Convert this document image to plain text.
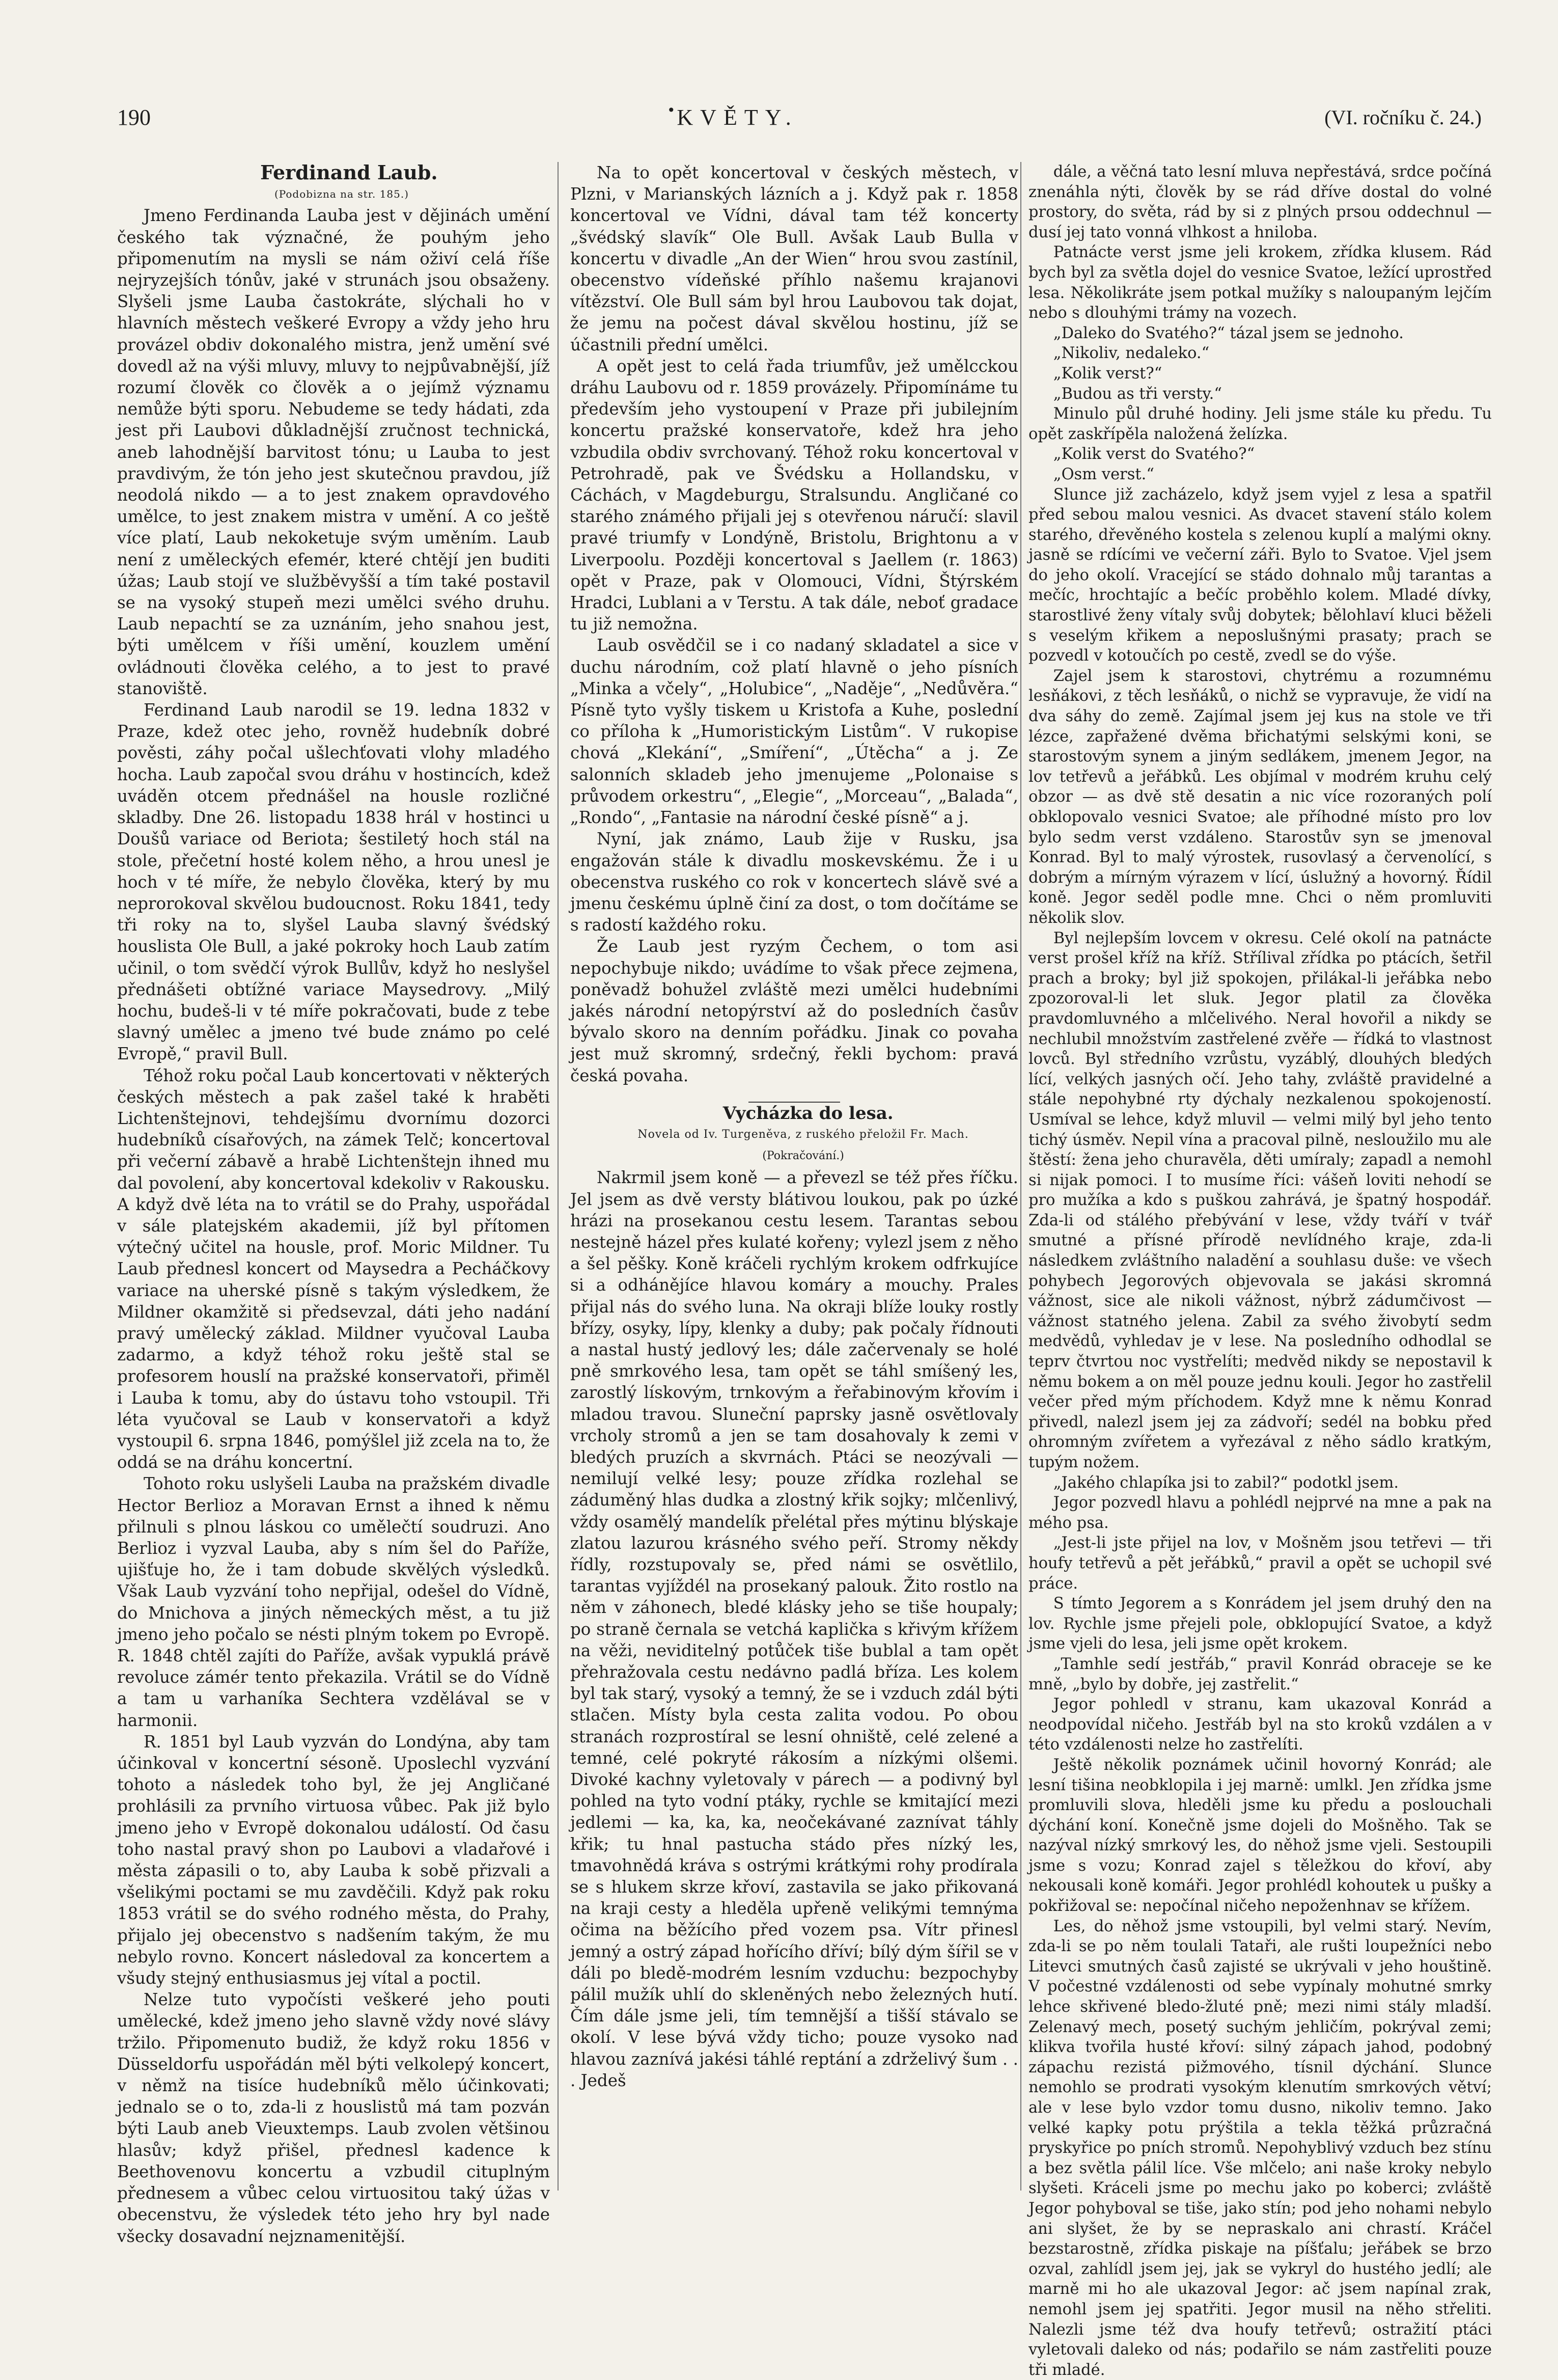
190	KVĚTY.	(VI. ročníku č. 24.)
•

Ferdinand Laub.

(Podobizna na str. 185.)

Jmeno Ferdinanda Lauba jest v dějinách umění českého tak význačné, že pouhým jeho připomenutím na mysli se nám oživí celá říše nejryzejších tónův, jaké v strunách jsou obsaženy. Slyšeli jsme Lauba častokráte, slýchali ho v hlavních městech veškeré Evropy a vždy jeho hru provázel obdiv dokonalého mistra, jenž umění své dovedl až na výši mluvy, mluvy to nejpůvabnější, jíž rozumí člověk co člověk a o jejímž významu nemůže býti sporu. Nebudeme se tedy hádati, zda jest při Laubovi důkladnější zručnost technická, aneb lahodnější barvitost tónu; u Lauba to jest pravdivým, že tón jeho jest skutečnou pravdou, jíž neodolá nikdo — a to jest znakem opravdového umělce, to jest znakem mistra v umění. A co ještě více platí, Laub nekoketuje svým uměním. Laub není z uměleckých efemér, které chtějí jen buditi úžas; Laub stojí ve služběvyšší a tím také postavil se na vysoký stupeň mezi umělci svého druhu. Laub nepachtí se za uznáním, jeho snahou jest, býti umělcem v říši umění, kouzlem umění ovládnouti člověka celého, a to jest to pravé stanoviště.

Ferdinand Laub narodil se 19. ledna 1832 v Praze, kdež otec jeho, rovněž hudebník dobré pověsti, záhy počal ušlechťovati vlohy mladého hocha. Laub započal svou dráhu v hostincích, kdež uváděn otcem přednášel na housle rozličné skladby. Dne 26. listopadu 1838 hrál v hostinci u Doušů variace od Beriota; šestiletý hoch stál na stole, přečetní hosté kolem něho, a hrou unesl je hoch v té míře, že nebylo člověka, který by mu neprorokoval skvělou budoucnost. Roku 1841, tedy tři roky na to, slyšel Lauba slavný švédský houslista Ole Bull, a jaké pokroky hoch Laub zatím učinil, o tom svědčí výrok Bullův, když ho neslyšel přednášeti obtížné variace Maysedrovy. „Milý hochu, budeš-li v té míře pokračovati, bude z tebe slavný umělec a jmeno tvé bude známo po celé Evropě,“ pravil Bull.

Téhož roku počal Laub koncertovati v některých českých městech a pak zašel také k hraběti Lichtenštejnovi, tehdejšímu dvornímu dozorci hudebníků císařových, na zámek Telč; koncertoval při večerní zábavě a hrabě Lichtenštejn ihned mu dal povolení, aby koncertoval kdekoliv v Rakousku. A když dvě léta na to vrátil se do Prahy, uspořádal v sále platejském akademii, jíž byl přítomen výtečný učitel na housle, prof. Moric Mildner. Tu Laub přednesl koncert od Maysedra a Pecháčkovy variace na uherské písně s takým výsledkem, že Mildner okamžitě si předsevzal, dáti jeho nadání pravý umělecký základ. Mildner vyučoval Lauba zadarmo, a když téhož roku ještě stal se profesorem houslí na pražské konservatoři, přiměl i Lauba k tomu, aby do ústavu toho vstoupil. Tři léta vyučoval se Laub v konservatoři a když vystoupil 6. srpna 1846, pomýšlel již zcela na to, že oddá se na dráhu koncertní.

Tohoto roku uslyšeli Lauba na pražském divadle Hector Berlioz a Moravan Ernst a ihned k němu přilnuli s plnou láskou co umělečtí soudruzi. Ano Berlioz i vyzval Lauba, aby s ním šel do Paříže, ujišťuje ho, že i tam dobude skvělých výsledků. Však Laub vyzvání toho nepřijal, odešel do Vídně, do Mnichova a jiných německých měst, a tu již jmeno jeho počalo se nésti plným tokem po Evropě. R. 1848 chtěl zajíti do Paříže, avšak vypuklá právě revoluce zámér tento překazila. Vrátil se do Vídně a tam u varhaníka Sechtera vzdělával se v harmonii.

R. 1851 byl Laub vyzván do Londýna, aby tam účinkoval v koncertní sésoně. Uposlechl vyzvání tohoto a následek toho byl, že jej Angličané prohlásili za prvního virtuosa vůbec. Pak již bylo jmeno jeho v Evropě dokonalou událostí. Od času toho nastal pravý shon po Laubovi a vladařové i města zápasili o to, aby Lauba k sobě přizvali a všelikými poctami se mu zavděčili. Když pak roku 1853 vrátil se do svého rodného města, do Prahy, přijalo jej obecenstvo s nadšením takým, že mu nebylo rovno. Koncert následoval za koncertem a všudy stejný enthusiasmus jej vítal a poctil.

Nelze tuto vypočísti veškeré jeho pouti umělecké, kdež jmeno jeho slavně vždy nové slávy tržilo. Připomenuto budiž, že když roku 1856 v Düsseldorfu uspořádán měl býti velkolepý koncert, v němž na tisíce hudebníků mělo účinkovati; jednalo se o to, zda-li z houslistů má tam pozván býti Laub aneb Vieuxtemps. Laub zvolen většinou hlasův; když přišel, přednesl kadence k Beethovenovu koncertu a vzbudil cituplným přednesem a vůbec celou virtuositou taký úžas v obecenstvu, že výsledek této jeho hry byl nade všecky dosavadní nejznamenitější.

Na to opět koncertoval v českých městech, v Plzni, v Marianských lázních a j. Když pak r. 1858 koncertoval ve Vídni, dával tam též koncerty „švédský slavík“ Ole Bull. Avšak Laub Bulla v koncertu v divadle „An der Wien“ hrou svou zastínil, obecenstvo vídeňské příhlo našemu krajanovi vítězství. Ole Bull sám byl hrou Laubovou tak dojat, že jemu na počest dával skvělou hostinu, jíž se účastnili přední umělci.

A opět jest to celá řada triumfův, jež umělcckou dráhu Laubovu od r. 1859 provázely. Připomínáme tu především jeho vystoupení v Praze při jubilejním koncertu pražské konservatoře, kdež hra jeho vzbudila obdiv svrchovaný. Téhož roku koncertoval v Petrohradě, pak ve Švédsku a Hollandsku, v Cáchách, v Magdeburgu, Stralsundu. Angličané co starého známého přijali jej s otevřenou náručí: slavil pravé triumfy v Londýně, Bristolu, Brightonu a v Liverpoolu. Později koncertoval s Jaellem (r. 1863) opět v Praze, pak v Olomouci, Vídni, Štýrském Hradci, Lublani a v Terstu. A tak dále, neboť gradace tu již nemožna.

Laub osvědčil se i co nadaný skladatel a sice v duchu národním, což platí hlavně o jeho písních „Minka a včely“, „Holubice“, „Naděje“, „Nedůvěra.“ Písně tyto vyšly tiskem u Kristofa a Kuhe, poslední co příloha k „Humoristickým Listům“. V rukopise chová „Klekání“, „Smíření“, „Útěcha“ a j. Ze salonních skladeb jeho jmenujeme „Polonaise s průvodem orkestru“, „Elegie“, „Morceau“, „Balada“, „Rondo“, „Fantasie na národní české písně“ a j.

Nyní, jak známo, Laub žije v Rusku, jsa engažován stále k divadlu moskevskému. Že i u obecenstva ruského co rok v koncertech slávě své a jmenu českému úplně činí za dost, o tom dočítáme se s radostí každého roku.

Že Laub jest ryzým Čechem, o tom asi nepochybuje nikdo; uvádíme to však přece zejmena, poněvadž bohužel zvláště mezi umělci hudebními jakés národní netopýrství až do posledních časův bývalo skoro na denním pořádku. Jinak co povaha jest muž skromný, srdečný, řekli bychom: pravá česká povaha.

Vycházka do lesa.

Novela od Iv. Turgeněva, z ruského přeložil Fr. Mach.

(Pokračování.)

Nakrmil jsem koně — a převezl se též přes říčku. Jel jsem as dvě versty blátivou loukou, pak po úzké hrázi na prosekanou cestu lesem. Tarantas sebou nestejně házel přes kulaté kořeny; vylezl jsem z něho a šel pěšky. Koně kráčeli rychlým krokem odfrkujíce si a odhánějíce hlavou komáry a mouchy. Prales přijal nás do svého luna. Na okraji blíže louky rostly břízy, osyky, lípy, klenky a duby; pak počaly řídnouti a nastal hustý jedlový les; dále začervenaly se holé pně smrkového lesa, tam opět se táhl smíšený les, zarostlý lískovým, trnkovým a řeřabinovým křovím i mladou travou. Sluneční paprsky jasně osvětlovaly vrcholy stromů a jen se tam dosahovaly k zemi v bledých pruzích a skvrnách. Ptáci se neozývali — nemilují velké lesy; pouze zřídka rozlehal se záduměný hlas dudka a zlostný křik sojky; mlčenlivý, vždy osamělý mandelík přelétal přes mýtinu blýskaje zlatou lazurou krásného svého peří. Stromy někdy řídly, rozstupovaly se, před námi se osvětlilo, tarantas vyjíždél na prosekaný palouk. Žito rostlo na něm v záhonech, bledé klásky jeho se tiše houpaly; po straně černala se vetchá kaplička s křivým křížem na věži, neviditelný potůček tiše bublal a tam opět přehražovala cestu nedávno padlá bříza. Les kolem byl tak starý, vysoký a temný, že se i vzduch zdál býti stlačen. Místy byla cesta zalita vodou. Po obou stranách rozprostíral se lesní ohniště, celé zelené a temné, celé pokryté rákosím a nízkými olšemi. Divoké kachny vyletovaly v párech — a podivný byl pohled na tyto vodní ptáky, rychle se kmitající mezi jedlemi — ka, ka, ka, neočekávané zaznívat táhly křik; tu hnal pastucha stádo přes nízký les, tmavohnědá kráva s ostrými krátkými rohy prodírala se s hlukem skrze křoví, zastavila se jako přikovaná na kraji cesty a hleděla upřeně velikými temnýma očima na běžícího před vozem psa. Vítr přinesl jemný a ostrý západ hořícího dříví; bílý dým šířil se v dáli po bledě-modrém lesním vzduchu: bezpochyby pálil mužík uhlí do skleněných nebo železných hutí. Čím dále jsme jeli, tím temnější a tišší stávalo se okolí. V lese bývá vždy ticho; pouze vysoko nad hlavou zaznívá jakési táhlé reptání a zdrželivý šum . . . Jedeš

dále, a věčná tato lesní mluva nepřestává, srdce počíná znenáhla nýti, člověk by se rád dříve dostal do volné prostory, do světa, rád by si z plných prsou oddechnul — dusí jej tato vonná vlhkost a hniloba.

Patnácte verst jsme jeli krokem, zřídka klusem. Rád bych byl za světla dojel do vesnice Svatoe, ležící uprostřed lesa. Několikráte jsem potkal mužíky s naloupaným lejčím nebo s dlouhými trámy na vozech.

„Daleko do Svatého?“ tázal jsem se jednoho.

„Nikoliv, nedaleko.“

„Kolik verst?“

„Budou as tři versty.“

Minulo půl druhé hodiny. Jeli jsme stále ku předu. Tu opět zaskřípěla naložená želízka.

„Kolik verst do Svatého?“

„Osm verst.“

Slunce již zacházelo, když jsem vyjel z lesa a spatřil před sebou malou vesnici. As dvacet stavení stálo kolem starého, dřevěného kostela s zelenou kuplí a malými okny. jasně se rdícími ve večerní záři. Bylo to Svatoe. Vjel jsem do jeho okolí. Vracející se stádo dohnalo můj tarantas a mečíc, hrochtajíc a bečíc proběhlo kolem. Mladé dívky, starostlivé ženy vítaly svůj dobytek; bělohlaví kluci běželi s veselým křikem a neposlušnými prasaty; prach se pozvedl v kotoučích po cestě, zvedl se do výše.

Zajel jsem k starostovi, chytrému a rozumnému lesňákovi, z těch lesňáků, o nichž se vypravuje, že vidí na dva sáhy do země. Zajímal jsem jej kus na stole ve tři lézce, zapřažené dvěma břichatými selskými koni, se starostovým synem a jiným sedlákem, jmenem Jegor, na lov tetřevů a jeřábků. Les objímal v modrém kruhu celý obzor — as dvě stě desatin a nic více rozoraných polí obklopovalo vesnici Svatoe; ale příhodné místo pro lov bylo sedm verst vzdáleno. Starostův syn se jmenoval Konrad. Byl to malý výrostek, rusovlasý a červenolící, s dobrým a mírným výrazem v lící, úslužný a hovorný. Řídil koně. Jegor seděl podle mne. Chci o něm promluviti několik slov.

Byl nejlepším lovcem v okresu. Celé okolí na patnácte verst prošel kříž na kříž. Střílival zřídka po ptácích, šetřil prach a broky; byl již spokojen, přilákal-li jeřábka nebo zpozoroval-li let sluk. Jegor platil za člověka pravdomluvného a mlčelivého. Neral hovořil a nikdy se nechlubil množstvím zastřelené zvěře — řídká to vlastnost lovců. Byl středního vzrůstu, vyzáblý, dlouhých bledých lící, velkých jasných očí. Jeho tahy, zvláště pravidelné a stále nepohybné rty dýchaly nezkalenou spokojeností. Usmíval se lehce, když mluvil — velmi milý byl jeho tento tichý úsměv. Nepil vína a pracoval pilně, nesloužilo mu ale štěstí: žena jeho churavěla, děti umíraly; zapadl a nemohl si nijak pomoci. I to musíme říci: vášeň loviti nehodí se pro mužíka a kdo s puškou zahrává, je špatný hospodář. Zda-li od stálého přebývání v lese, vždy tváří v tvář smutné a přísné přírodě nevlídného kraje, zda-li následkem zvláštního naladění a souhlasu duše: ve všech pohybech Jegorových objevovala se jakási skromná vážnost, sice ale nikoli vážnost, nýbrž zádumčivost — vážnost statného jelena. Zabil za svého živobytí sedm medvědů, vyhledav je v lese. Na posledního odhodlal se teprv čtvrtou noc vystřelíti; medvěd nikdy se nepostavil k němu bokem a on měl pouze jednu kouli. Jegor ho zastřelil večer před mým příchodem. Když mne k němu Konrad přivedl, nalezl jsem jej za zádvoří; sedél na bobku před ohromným zvířetem a vyřezával z něho sádlo kratkým, tupým nožem.

„Jakého chlapíka jsi to zabil?“ podotkl jsem.

Jegor pozvedl hlavu a pohlédl nejprvé na mne a pak na mého psa.

„Jest-li jste přijel na lov, v Mošněm jsou tetřevi — tři houfy tetřevů a pět jeřábků,“ pravil a opět se uchopil své práce.

S tímto Jegorem a s Konrádem jel jsem druhý den na lov. Rychle jsme přejeli pole, obklopující Svatoe, a když jsme vjeli do lesa, jeli jsme opět krokem.

„Tamhle sedí jestřáb,“ pravil Konrád obraceje se ke mně, „bylo by dobře, jej zastřelit.“

Jegor pohledl v stranu, kam ukazoval Konrád a neodpovídal ničeho. Jestřáb byl na sto kroků vzdálen a v této vzdálenosti nelze ho zastřelíti.

Ještě několik poznámek učinil hovorný Konrád; ale lesní tišina neobklopila i jej marně: umlkl. Jen zřídka jsme promluvili slova, hleděli jsme ku předu a poslouchali dýchání koní. Konečně jsme dojeli do Mošněho. Tak se nazýval nízký smrkový les, do něhož jsme vjeli. Sestoupili jsme s vozu; Konrad zajel s těležkou do křoví, aby nekousali koně komáři. Jegor prohlédl kohoutek u pušky a pokřižoval se: nepočínal ničeho nepoženhnav se křížem.

Les, do něhož jsme vstoupili, byl velmi starý. Nevím, zda-li se po něm toulali Tataři, ale rušti loupežníci nebo Litevci smutných časů zajisté se ukrývali v jeho houštině. V počestné vzdálenosti od sebe vypínaly mohutné smrky lehce skřivené bledo-žluté pně; mezi nimi stály mladší. Zelenavý mech, posetý suchým jehličím, pokrýval zemi; klikva tvořila husté křoví: silný zápach jahod, podobný zápachu rezistá pižmového, tísnil dýchání. Slunce nemohlo se prodrati vysokým klenutím smrkových větví; ale v lese bylo vzdor tomu dusno, nikoliv temno. Jako velké kapky potu prýštila a tekla těžká průzračná pryskyřice po pních stromů. Nepohyblivý vzduch bez stínu a bez světla pálil líce. Vše mlčelo; ani naše kroky nebylo slyšeti. Kráceli jsme po mechu jako po koberci; zvláště Jegor pohyboval se tiše, jako stín; pod jeho nohami nebylo ani slyšet, že by se nepraskalo ani chrastí. Kráčel bezstarostně, zřídka piskaje na píšťalu; jeřábek se brzo ozval, zahlídl jsem jej, jak se vykryl do hustého jedlí; ale marně mi ho ale ukazoval Jegor: ač jsem napínal zrak, nemohl jsem jej spatřiti. Jegor musil na něho střeliti. Nalezli jsme též dva houfy tetřevů; ostražití ptáci vyletovali daleko od nás; podařilo se nám zastřeliti pouze tři mladé.
